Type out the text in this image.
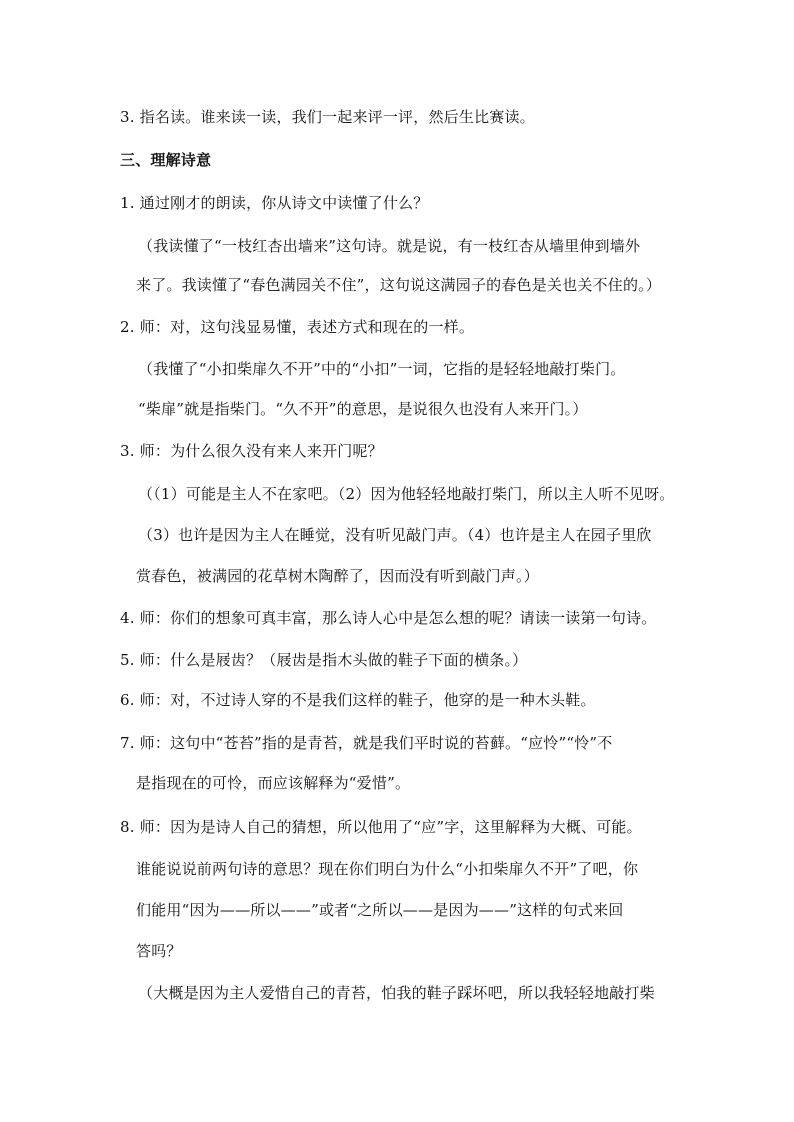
3. 指名读。谁来读一读，我们一起来评一评，然后生比赛读。
三、理解诗意
1. 通过刚才的朗读，你从诗文中读懂了什么？
（我读懂了“一枝红杏出墙来”这句诗。就是说，有一枝红杏从墙里伸到墙外
来了。我读懂了“春色满园关不住”，这句说这满园子的春色是关也关不住的。）
2. 师：对，这句浅显易懂，表述方式和现在的一样。
（我懂了“小扣柴扉久不开”中的“小扣”一词，它指的是轻轻地敲打柴门。
“柴扉”就是指柴门。“久不开”的意思，是说很久也没有人来开门。）
3. 师：为什么很久没有来人来开门呢？
（（1）可能是主人不在家吧。（2）因为他轻轻地敲打柴门，所以主人听不见呀。
（3）也许是因为主人在睡觉，没有听见敲门声。（4）也许是主人在园子里欣
赏春色，被满园的花草树木陶醉了，因而没有听到敲门声。）
4. 师：你们的想象可真丰富，那么诗人心中是怎么想的呢？请读一读第一句诗。
5. 师：什么是屐齿？（屐齿是指木头做的鞋子下面的横条。）
6. 师：对，不过诗人穿的不是我们这样的鞋子，他穿的是一种木头鞋。
7. 师：这句中“苍苔”指的是青苔，就是我们平时说的苔藓。“应怜”“怜”不
是指现在的可怜，而应该解释为“爱惜”。
8. 师：因为是诗人自己的猜想，所以他用了“应”字，这里解释为大概、可能。
谁能说说前两句诗的意思？现在你们明白为什么“小扣柴扉久不开”了吧，你
们能用“因为——所以——”或者“之所以——是因为——”这样的句式来回
答吗？
（大概是因为主人爱惜自己的青苔，怕我的鞋子踩坏吧，所以我轻轻地敲打柴
